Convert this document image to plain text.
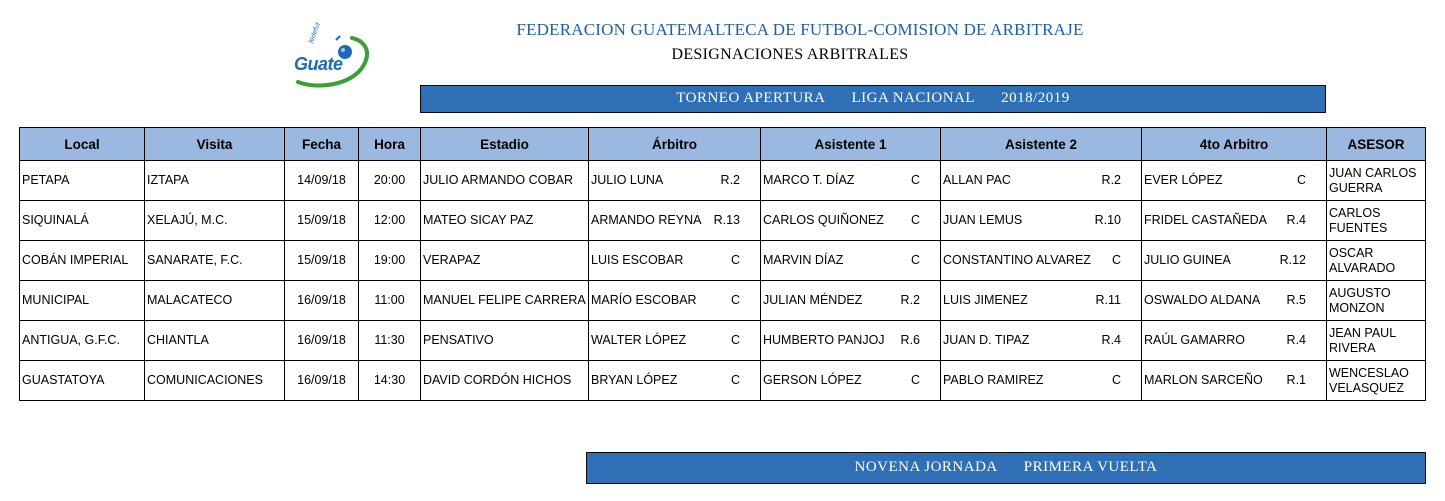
fedefut
Guate
FEDERACION GUATEMALTECA DE FUTBOL-COMISION DE ARBITRAJE
DESIGNACIONES ARBITRALES
TORNEO APERTURA LIGA NACIONAL 2018/2019
Local	Visita	Fecha	Hora	Estadio	Árbitro	Asistente 1	Asistente 2	4to Arbitro	ASESOR
PETAPA	IZTAPA	14/09/18	20:00	JULIO ARMANDO COBAR	JULIO LUNA R.2	MARCO T. DÍAZ C	ALLAN PAC R.2	EVER LÓPEZ C	JUAN CARLOS GUERRA
SIQUINALÁ	XELAJÚ, M.C.	15/09/18	12:00	MATEO SICAY PAZ	ARMANDO REYNA R.13	CARLOS QUIÑONEZ C	JUAN LEMUS R.10	FRIDEL CASTAÑEDA R.4	CARLOS FUENTES
COBÁN IMPERIAL	SANARATE, F.C.	15/09/18	19:00	VERAPAZ	LUIS ESCOBAR C	MARVIN DÍAZ C	CONSTANTINO ALVAREZ C	JULIO GUINEA R.12	OSCAR ALVARADO
MUNICIPAL	MALACATECO	16/09/18	11:00	MANUEL FELIPE CARRERA	MARÍO ESCOBAR C	JULIAN MÉNDEZ R.2	LUIS JIMENEZ R.11	OSWALDO ALDANA R.5	AUGUSTO MONZON
ANTIGUA, G.F.C.	CHIANTLA	16/09/18	11:30	PENSATIVO	WALTER LÓPEZ C	HUMBERTO PANJOJ R.6	JUAN D. TIPAZ R.4	RAÚL GAMARRO R.4	JEAN PAUL RIVERA
GUASTATOYA	COMUNICACIONES	16/09/18	14:30	DAVID CORDÓN HICHOS	BRYAN LÓPEZ C	GERSON LÓPEZ C	PABLO RAMIREZ C	MARLON SARCEÑO R.1	WENCESLAO VELASQUEZ
NOVENA JORNADA PRIMERA VUELTA
